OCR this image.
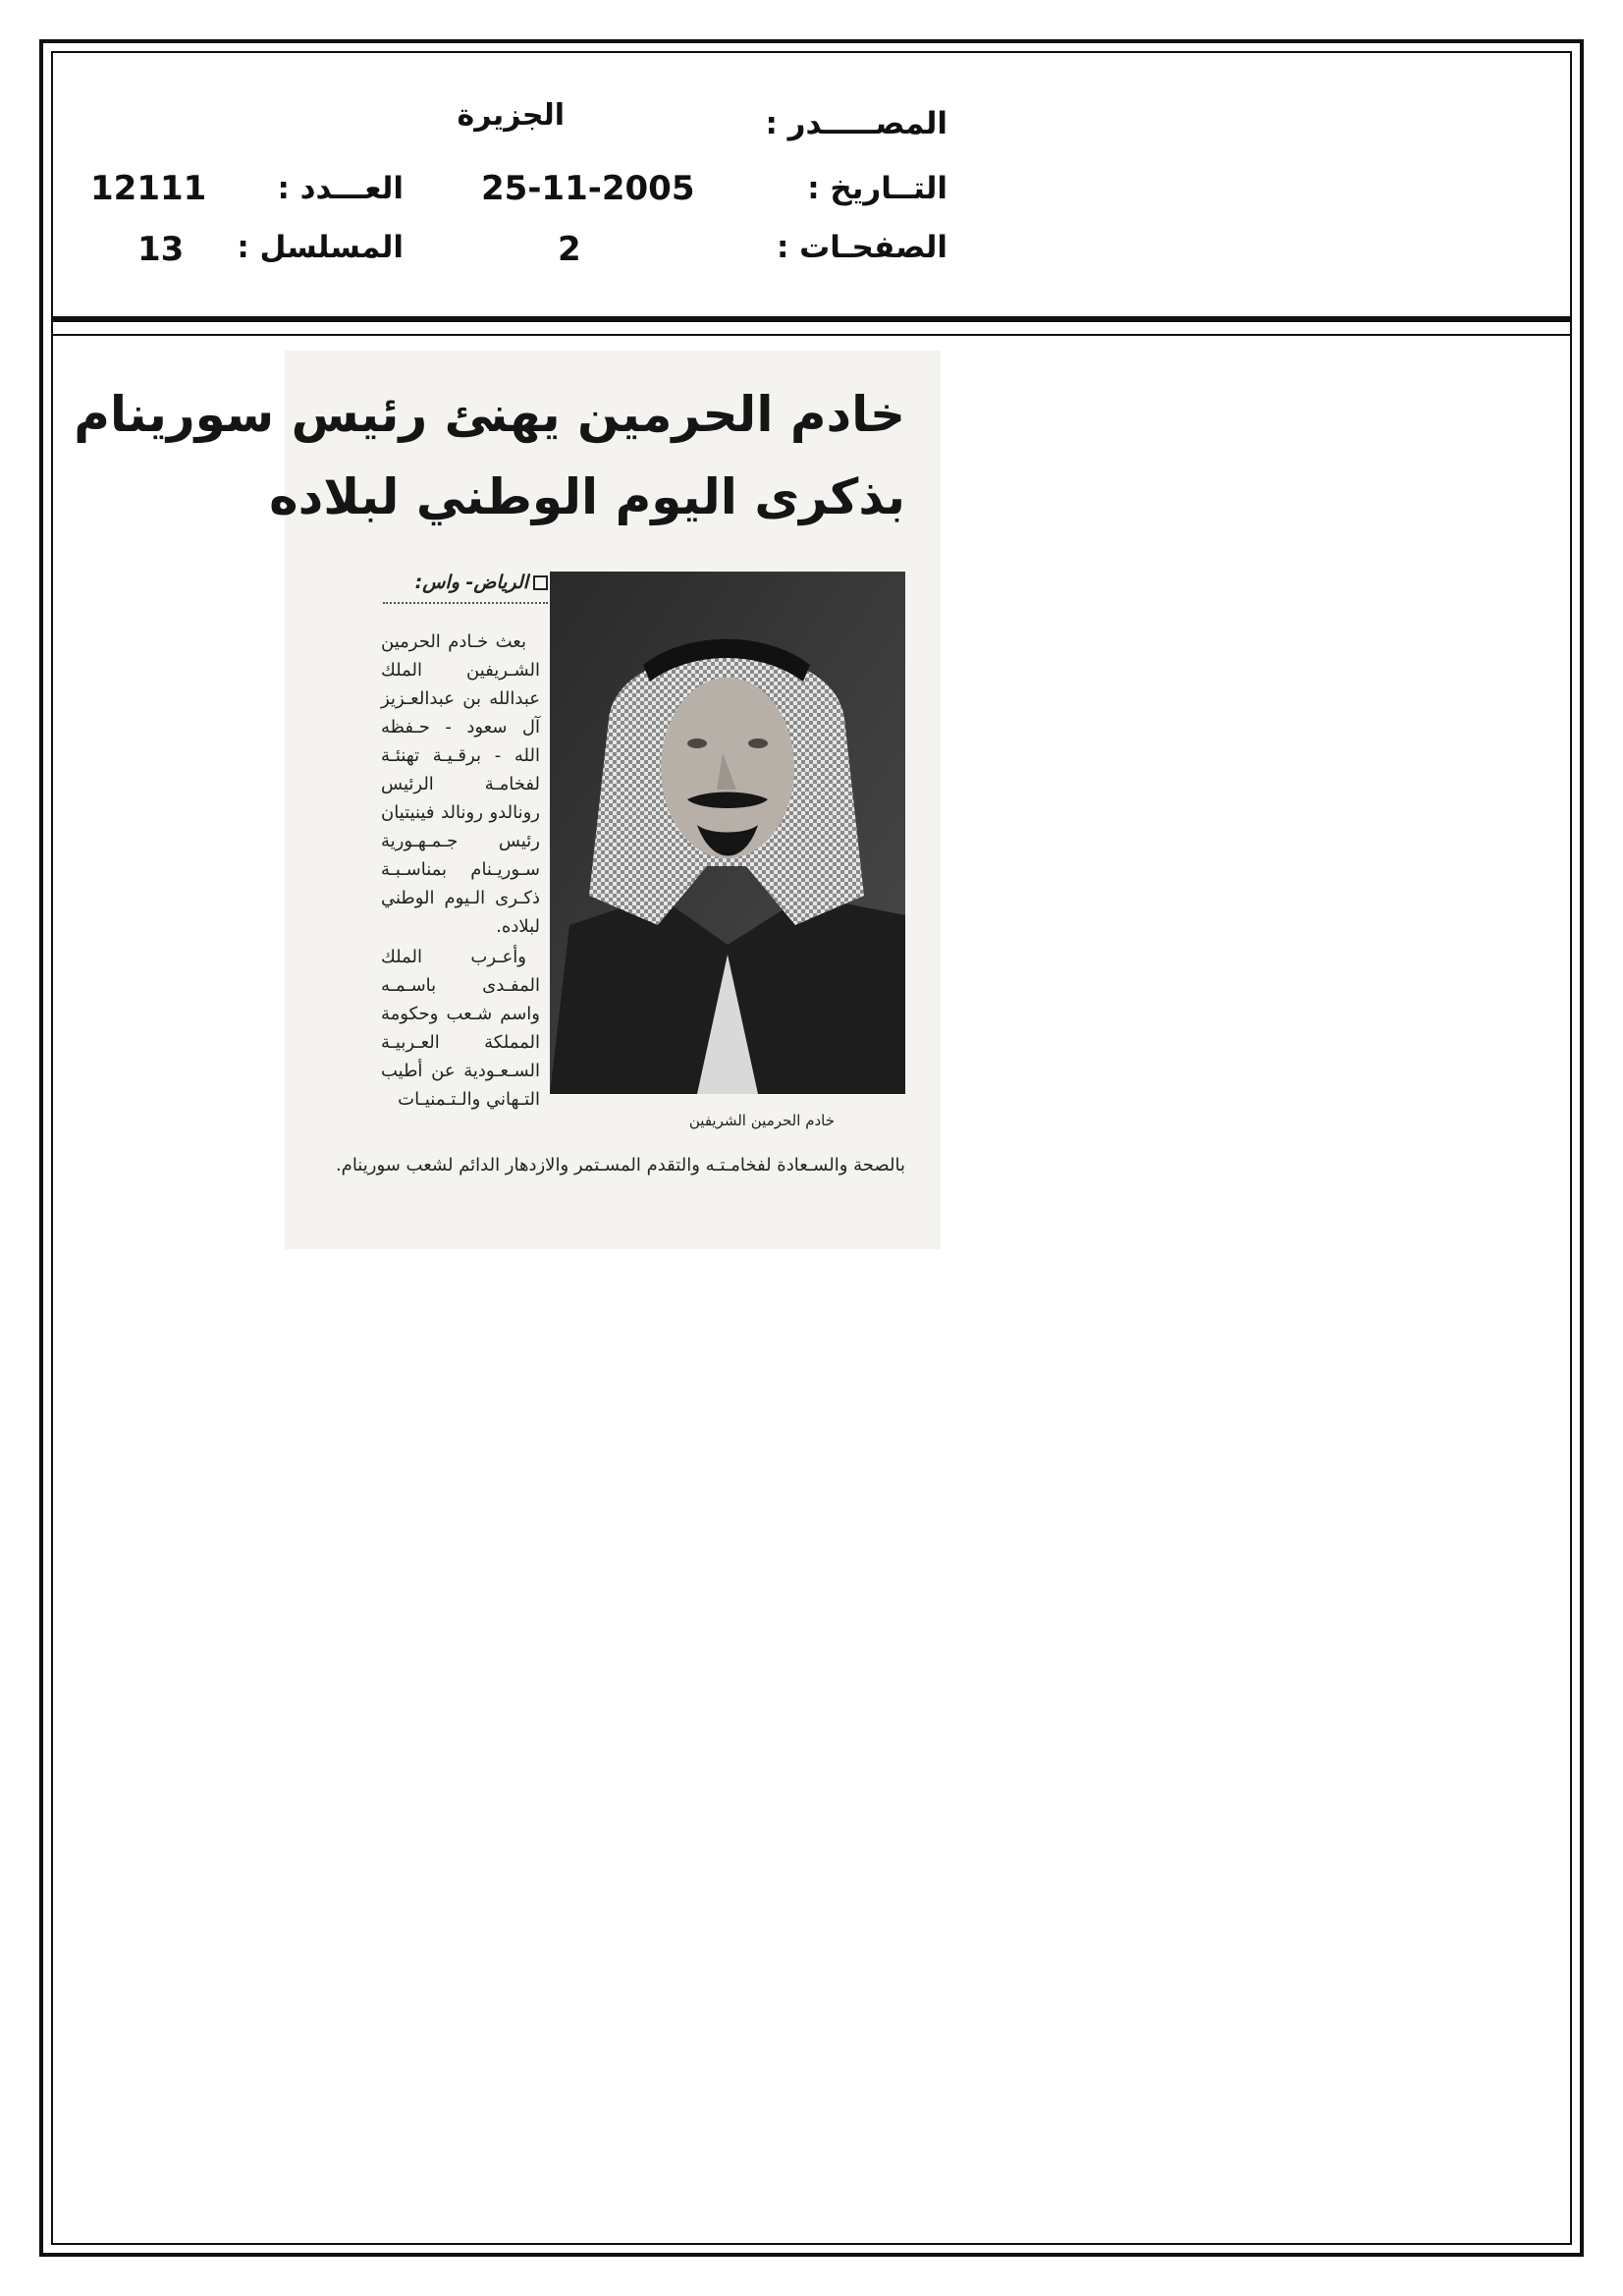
المصـــــدر :
الجزيرة
التــاريخ :
25-11-2005
العـــدد :
12111
الصفحـات :
2
المسلسل :
13
خادم الحرمين يهنئ رئيس سورينام
بذكرى اليوم الوطني لبلاده
الرياض- واس:

بعث خـادم الحرمين الشـريفين الملك عبدالله بن عبدالعـزيز آل سعود - حـفظه الله - برقـيـة تهنئـة لفخامـة الرئيس رونالدو رونالد فينيتيان رئيس جـمـهـورية سـوريـنام بمناسـبـة ذكـرى الـيوم الوطني لبلاده.

وأعـرب الملك المفـدى باسـمـه واسم شـعب وحكومة المملكة العـربيـة السـعـودية عن أطيب التـهاني والـتـمنيـات

خادم الحرمين الشريفين
بالصحة والسـعادة لفخامـتـه والتقدم المسـتمر والازدهار الدائم لشعب سورينام.
